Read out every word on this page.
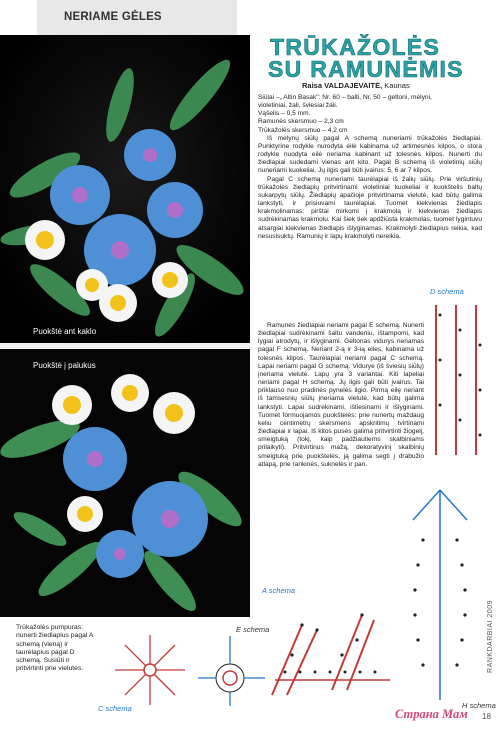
NERIAME GĖLES
Puokštė ant kaklo
Puokštė į palukus
TRŪKAŽOLĖS
SU RAMUNĖMIS
Raisa VALDAJEVAITĖ, Kaunas

Siūlai –„ Altin Basak": Nr. 60 – balti, Nr. 50 – geltoni, mėlyni,

violetiniai, žali, šviesiai žali.

Vąšelis – 0,5 mm.

Ramunės skersmuo – 2,3 cm

Trūkažolės skersmuo – 4,2 cm

Iš mėlynų siūlų pagal A schemą nuneriami trūkažolės žiedlapiai. Punktyrine rodykle nurodyta eilė kabinama už artimesnės kilpos, o stora rodykle nuodyta eilė neriama kabinant už tolesnės kilpos. Nunerti du žiedlapiai sudedami vienas ant kito. Pagal B schemą iš violetinių siūlų nuneriami kuokeliai. Jų ilgis gali būti įvairus: 5, 6 ar 7 kilpos.

Pagal C schemą nuneriami taurėlapiai iš žalių siūlų. Prie viršutinių trūkažolės žiedlapių pritvirtinami violetiniai kuokeliai ir kuokštelis baltų sukarpytų siūlų. Žiedlapių apačioje pritvirtinama vielutė, kad būtų galima lankstyti, ir prisiuvami taurėlapiai. Tuomet kiekvienas žiedlapis krakmolinamas: pirštai mirkomi į krakmolą ir kiekvienas žiedlapis sudrėkinamas krakmolu. Kai šiek tiek apdžiūsta krakmolas, tuomet lygintuvu atsargiai kiekvienas žiedlapis išlyginamas. Krakmolyti žiedlapius reikia, kad nesusisuktų. Ramunių ir lapų krakmolyti nereikia.

Ramunės žiedlapiai neriami pagal E schemą. Nunerti žiedlapiai sudrėkinami šaltu vandeniu, ištampomi, kad lygiai atrodytų, ir išlyginami. Geltonas vidurys neriamas pagal F schemą. Neriant 2-ą ir 3-ią eiles, kabinama už tolesnės kilpos. Taurėlapiai neriami pagal C schemą. Lapai neriami pagal G schemą. Vidurye (iš šviesių siūlų) įneriama vielutė. Lapų yra 3 variantai. Kiti lapeliai neriami pagal H schemą. Jų ilgis gali būti įvairus. Tai priklauso nuo pradinės pynelės ilgio. Pirmą eilę neriant iš tamsesnių siūlų įneriama vielutė, kad būtų galima lankstyti. Lapai sudrėkinami, ištiesinami ir išlyginami. Tuomet formuojamos puokštelės: prie nunertų maždaug keliu centimetrų skersmens apskritimų tvirtinami žiedlapiai ir lapai. Iš kitos pusės galima pritvirtinti žiogelį, smeigtuką (tokį, kaip padžiautiems skalbiniams prilaikyti). Pritvirtinus mažą, dekoratyvinį skalbinių smeigtuką prie puokštelės, ją galima segti į drabužio atlapą, prie rankinės, suknelės ir pan.

D schema
H schema
A schema
E schema
C schema
Trūkažolės pumpuras: nunerti žiedlapius pagal A schemą (vieną) ir taurėlapius pagal D schemą. Susiūti ir pritvirtinti prie vielutės.	RANKDARBIAI 2009
18
Страна Мам
